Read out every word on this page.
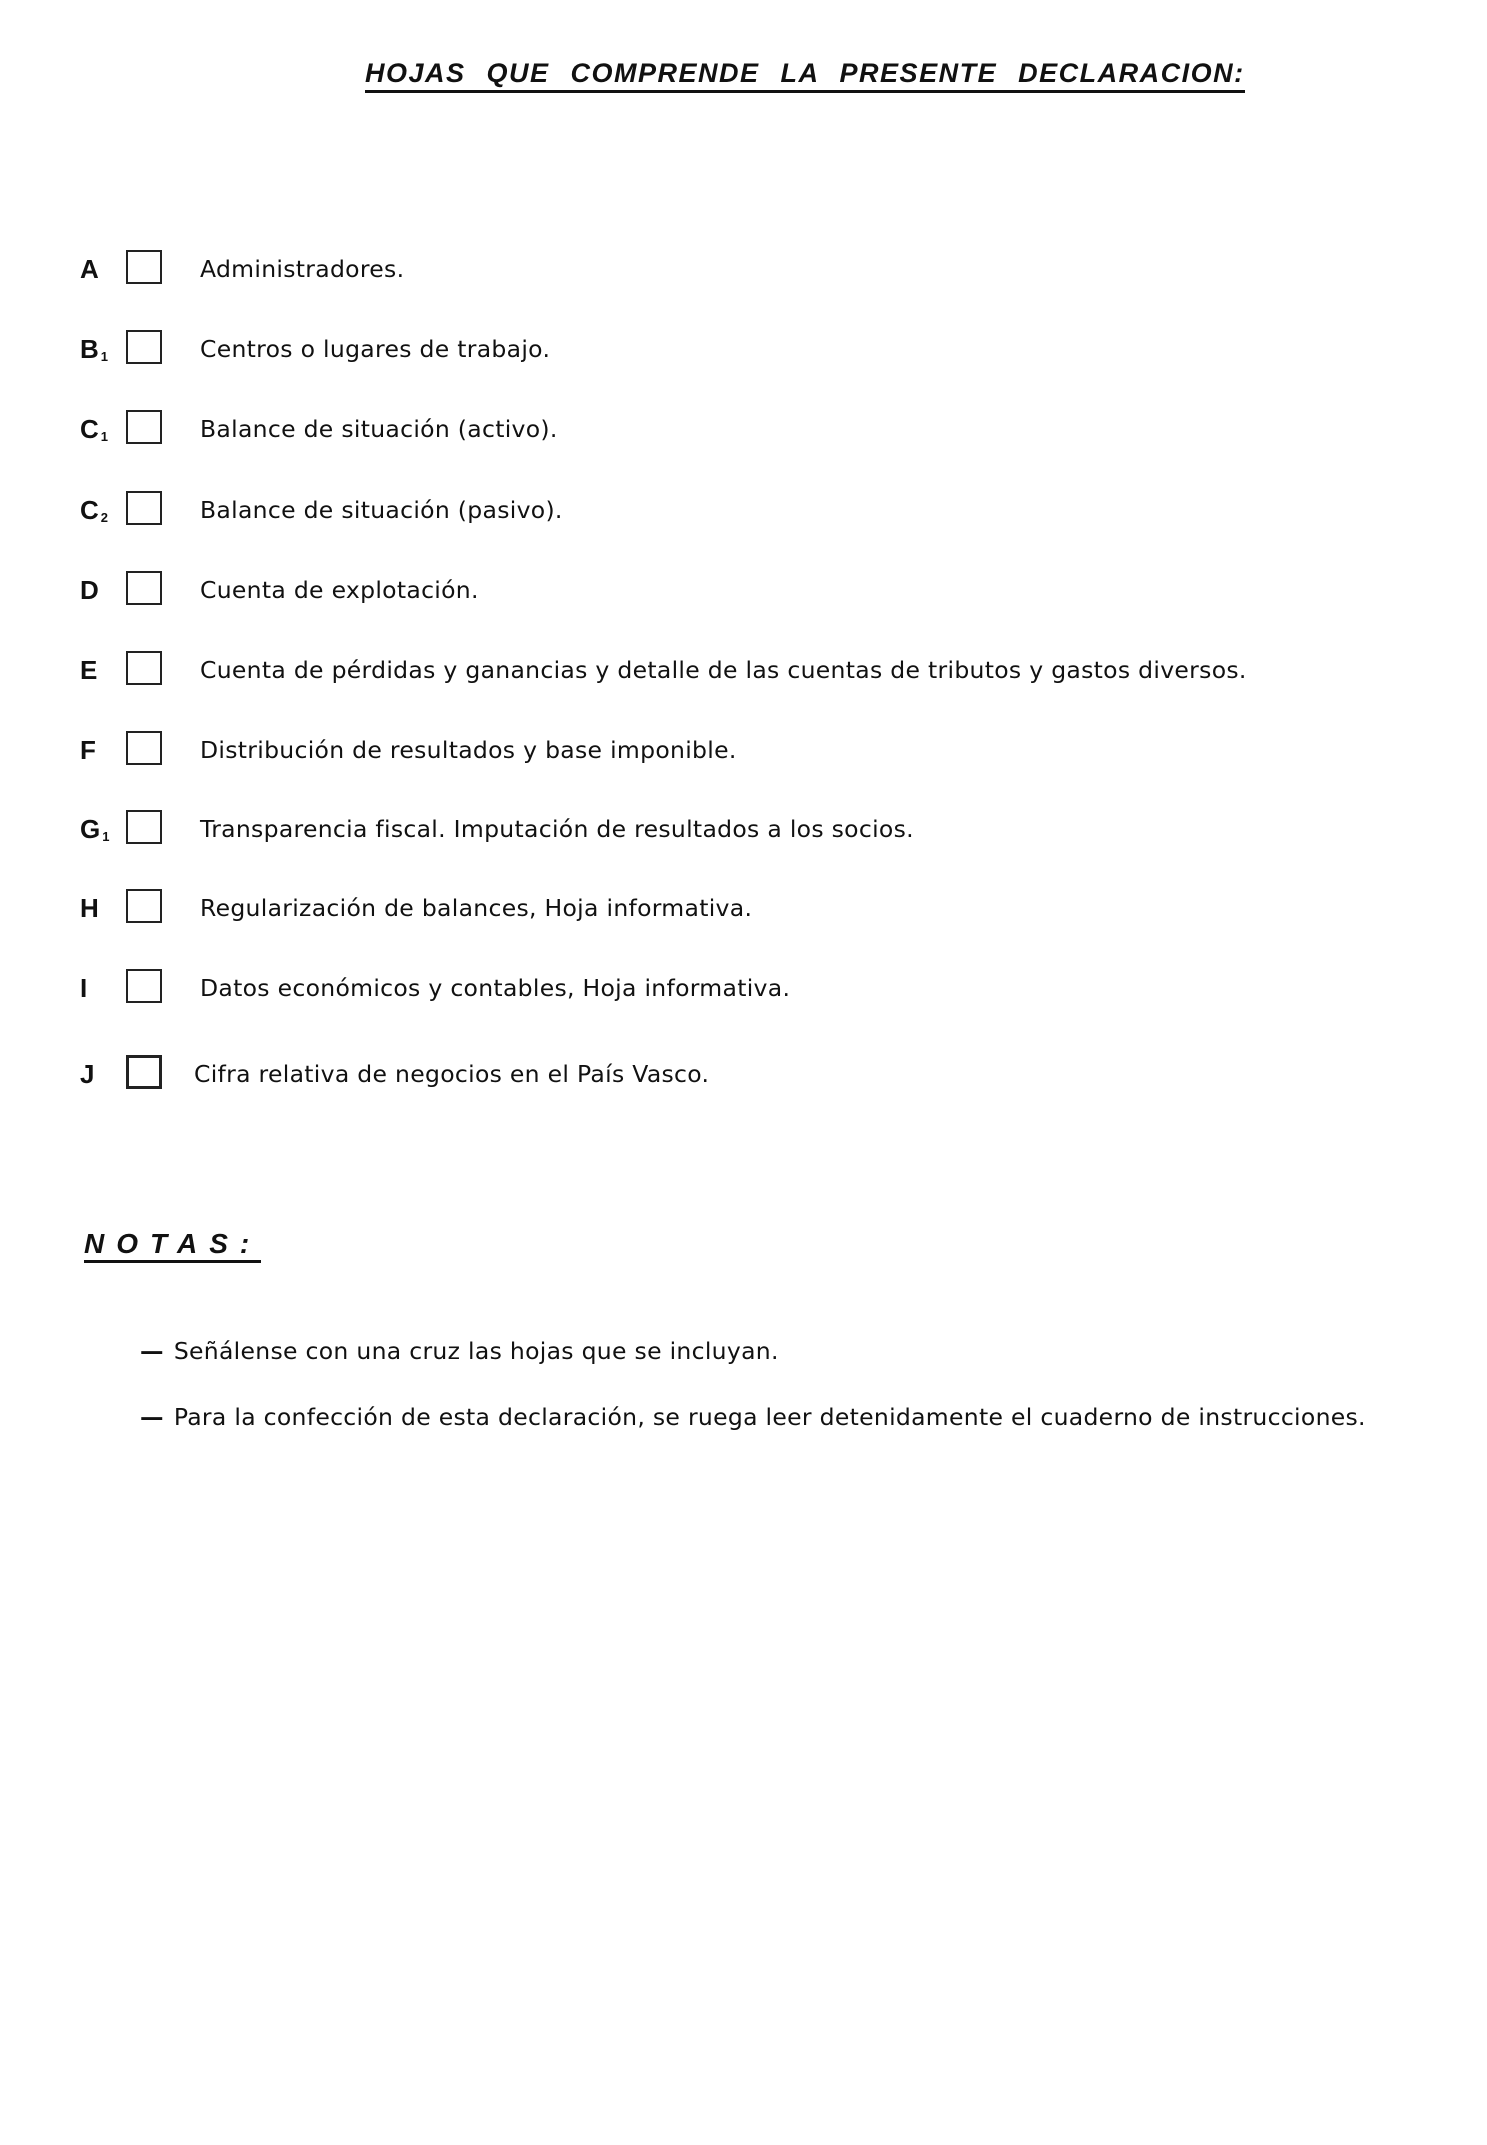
HOJAS QUE COMPRENDE LA PRESENTE DECLARACION:
A	Administradores.
B $_1$	Centros o lugares de trabajo.
C $_1$	Balance de situación (activo).
C $_2$	Balance de situación (pasivo).
D	Cuenta de explotación.
E	Cuenta de pérdidas y ganancias y detalle de las cuentas de tributos y gastos diversos.
F	Distribución de resultados y base imponible.
G $_1$	Transparencia fiscal. Imputación de resultados a los socios.
H	Regularización de balances, Hoja informativa.
I	Datos económicos y contables, Hoja informativa.
J	Cifra relativa de negocios en el País Vasco.
NOTAS:
— Señálense con una cruz las hojas que se incluyan.
— Para la confección de esta declaración, se ruega leer detenidamente el cuaderno de instrucciones.
